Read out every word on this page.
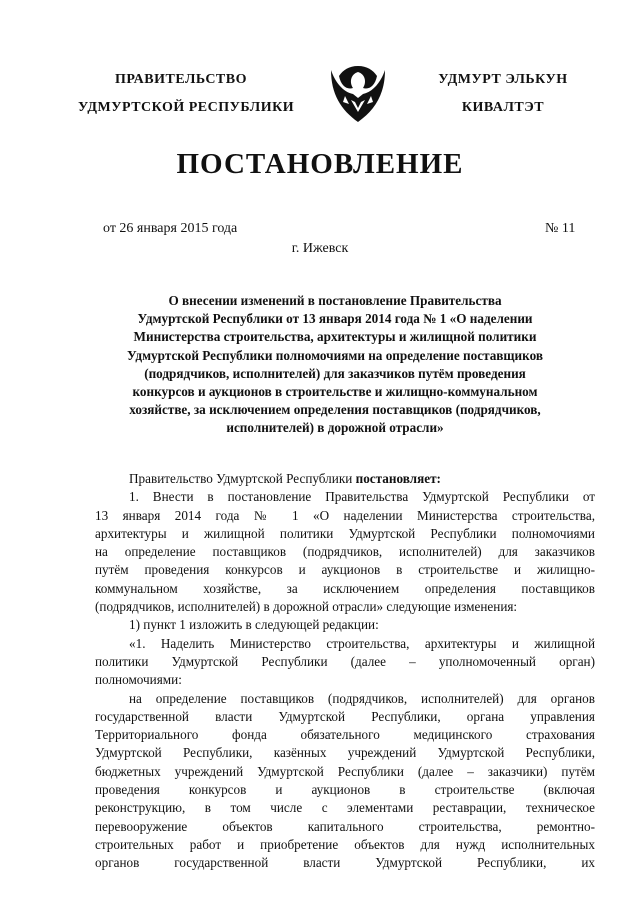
ПРАВИТЕЛЬСТВО
УДМУРТСКОЙ РЕСПУБЛИКИ
УДМУРТ ЭЛЬКУН
КИВАЛТЭТ
ПОСТАНОВЛЕНИЕ
от 26 января 2015 года	№ 11
г. Ижевск
О внесении изменений в постановление Правительства
Удмуртской Республики от 13 января 2014 года № 1 «О наделении
Министерства строительства, архитектуры и жилищной политики
Удмуртской Республики полномочиями на определение поставщиков
(подрядчиков, исполнителей) для заказчиков путём проведения
конкурсов и аукционов в строительстве и жилищно-коммунальном
хозяйстве, за исключением определения поставщиков (подрядчиков,
исполнителей) в дорожной отрасли»
Правительство Удмуртской Республики постановляет:
1. Внести в постановление Правительства Удмуртской Республики от
13 января 2014 года № 1 «О наделении Министерства строительства,
архитектуры и жилищной политики Удмуртской Республики полномочиями
на определение поставщиков (подрядчиков, исполнителей) для заказчиков
путём проведения конкурсов и аукционов в строительстве и жилищно-
коммунальном хозяйстве, за исключением определения поставщиков
(подрядчиков, исполнителей) в дорожной отрасли» следующие изменения:
1) пункт 1 изложить в следующей редакции:
«1. Наделить Министерство строительства, архитектуры и жилищной
политики Удмуртской Республики (далее – уполномоченный орган)
полномочиями:
на определение поставщиков (подрядчиков, исполнителей) для органов
государственной власти Удмуртской Республики, органа управления
Территориального фонда обязательного медицинского страхования
Удмуртской Республики, казённых учреждений Удмуртской Республики,
бюджетных учреждений Удмуртской Республики (далее – заказчики) путём
проведения конкурсов и аукционов в строительстве (включая
реконструкцию, в том числе с элементами реставрации, техническое
перевооружение объектов капитального строительства, ремонтно-
строительных работ и приобретение объектов для нужд исполнительных
органов государственной власти Удмуртской Республики, их
